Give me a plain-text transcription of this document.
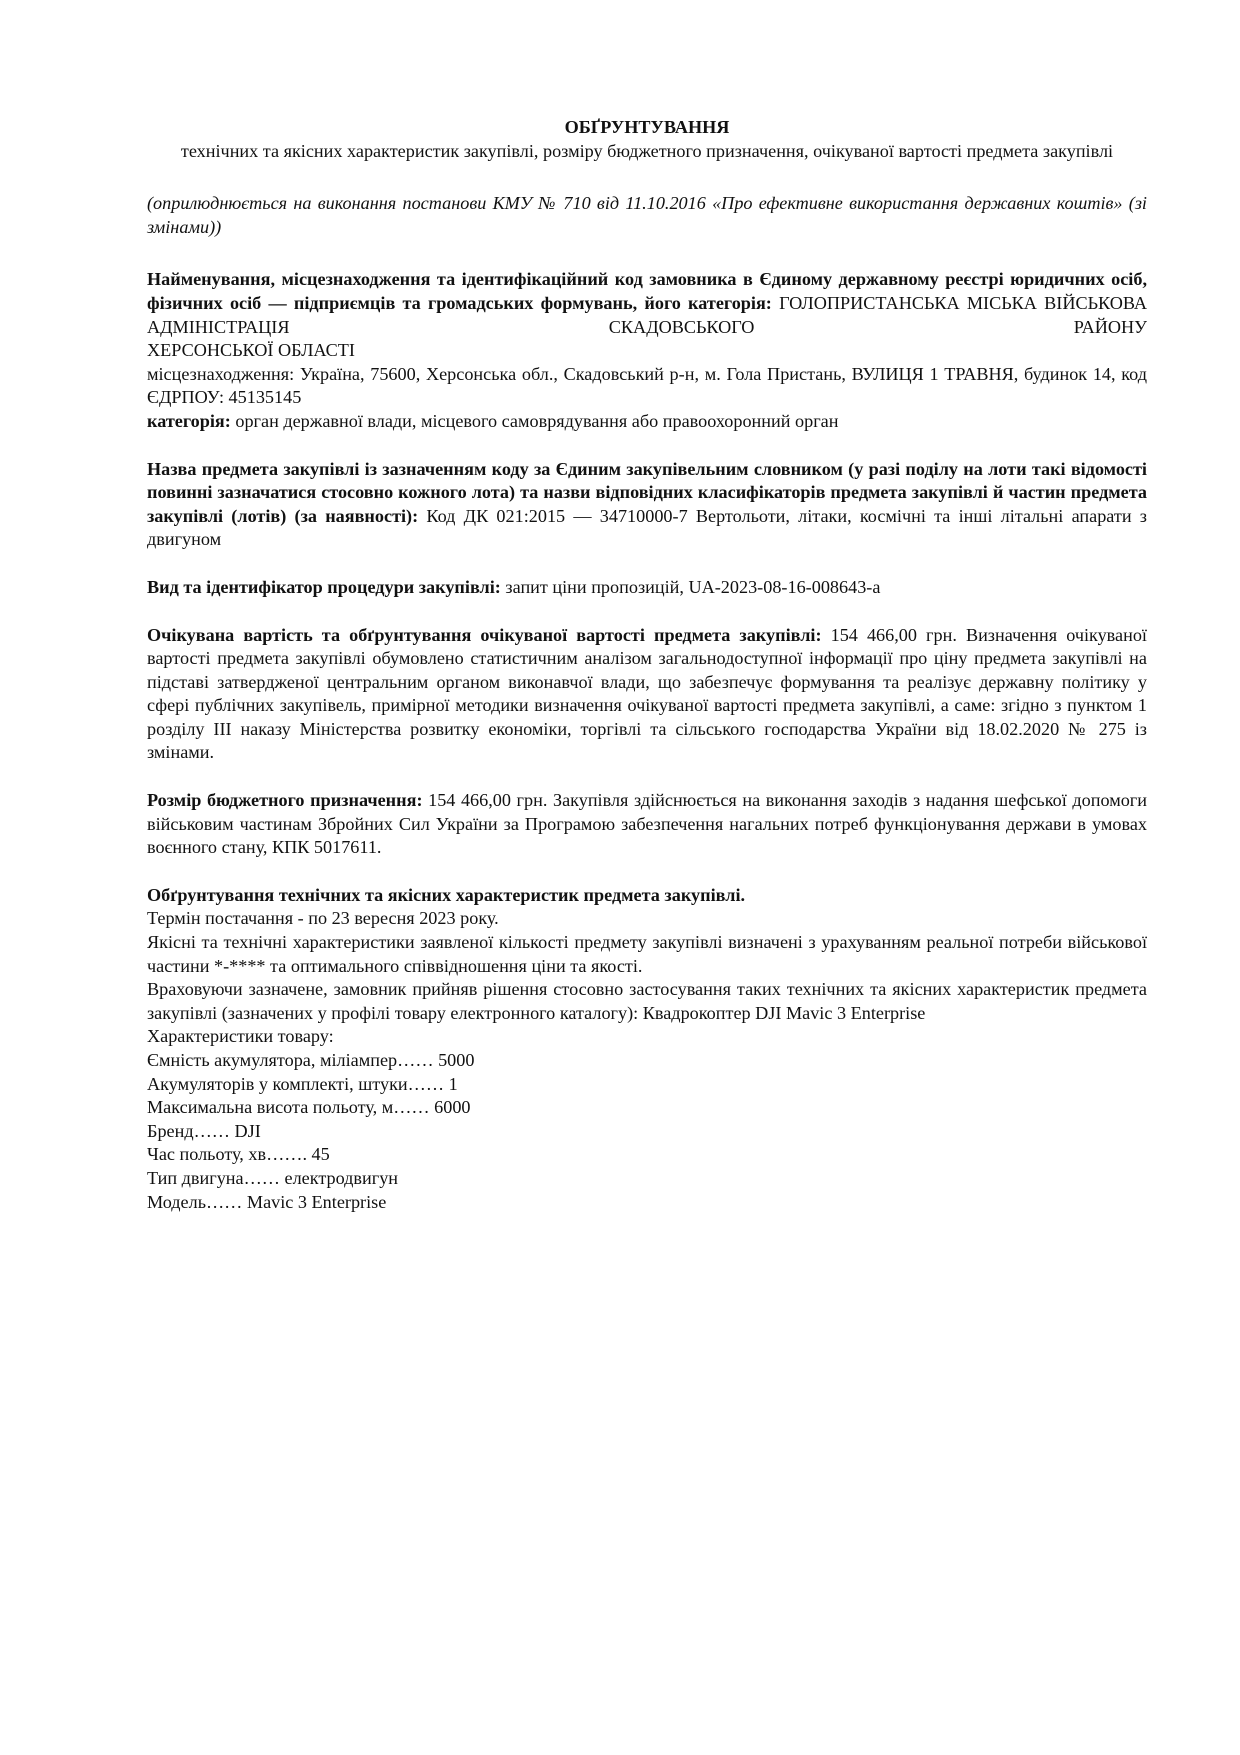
ОБҐРУНТУВАННЯ

технічних та якісних характеристик закупівлі, розміру бюджетного призначення, очікуваної вартості предмета закупівлі

(оприлюднюється на виконання постанови КМУ № 710 від 11.10.2016 «Про ефективне використання державних коштів» (зі змінами))

Найменування, місцезнаходження та ідентифікаційний код замовника в Єдиному державному реєстрі юридичних осіб, фізичних осіб — підприємців та громадських формувань, його категорія: ГОЛОПРИСТАНСЬКА МІСЬКА ВІЙСЬКОВА АДМІНІСТРАЦІЯ СКАДОВСЬКОГО РАЙОНУ

ХЕРСОНСЬКОЇ ОБЛАСТІ

місцезнаходження: Україна, 75600, Херсонська обл., Скадовський р-н, м. Гола Пристань, ВУЛИЦЯ 1 ТРАВНЯ, будинок 14, код ЄДРПОУ: 45135145

категорія: орган державної влади, місцевого самоврядування або правоохоронний орган

Назва предмета закупівлі із зазначенням коду за Єдиним закупівельним словником (у разі поділу на лоти такі відомості повинні зазначатися стосовно кожного лота) та назви відповідних класифікаторів предмета закупівлі й частин предмета закупівлі (лотів) (за наявності): Код ДК 021:2015 — 34710000-7 Вертольоти, літаки, космічні та інші літальні апарати з двигуном

Вид та ідентифікатор процедури закупівлі: запит ціни пропозицій, UA-2023-08-16-008643-a

Очікувана вартість та обґрунтування очікуваної вартості предмета закупівлі: 154 466,00 грн. Визначення очікуваної вартості предмета закупівлі обумовлено статистичним аналізом загальнодоступної інформації про ціну предмета закупівлі на підставі затвердженої центральним органом виконавчої влади, що забезпечує формування та реалізує державну політику у сфері публічних закупівель, примірної методики визначення очікуваної вартості предмета закупівлі, а саме: згідно з пунктом 1 розділу ІІІ наказу Міністерства розвитку економіки, торгівлі та сільського господарства України від 18.02.2020 № 275 із змінами.

Розмір бюджетного призначення: 154 466,00 грн. Закупівля здійснюється на виконання заходів з надання шефської допомоги військовим частинам Збройних Сил України за Програмою забезпечення нагальних потреб функціонування держави в умовах воєнного стану, КПК 5017611.

Обґрунтування технічних та якісних характеристик предмета закупівлі.

Термін постачання - по 23 вересня 2023 року.

Якісні та технічні характеристики заявленої кількості предмету закупівлі визначені з урахуванням реальної потреби військової частини *-**** та оптимального співвідношення ціни та якості.

Враховуючи зазначене, замовник прийняв рішення стосовно застосування таких технічних та якісних характеристик предмета закупівлі (зазначених у профілі товару електронного каталогу): Квадрокоптер DJI Mavic 3 Enterprise

Характеристики товару:

Ємність акумулятора, міліампер…… 5000

Акумуляторів у комплекті, штуки…… 1

Максимальна висота польоту, м…… 6000

Бренд…… DJI

Час польоту, хв……. 45

Тип двигуна…… електродвигун

Модель…… Mavic 3 Enterprise
